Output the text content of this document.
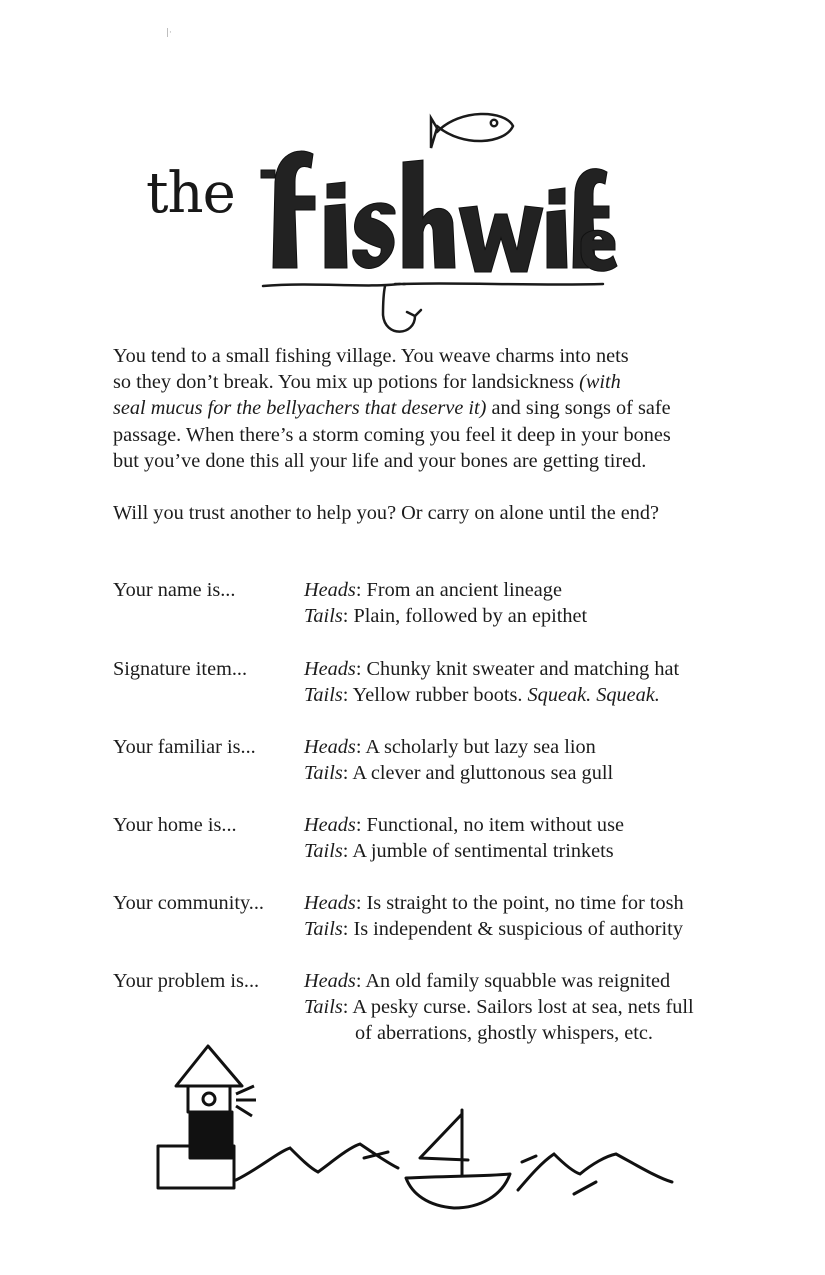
|·
the

You tend to a small fishing village. You weave charms into nets

so they don’t break. You mix up potions for landsickness (with

seal mucus for the bellyachers that deserve it) and sing songs of safe

passage. When there’s a storm coming you feel it deep in your bones

but you’ve done this all your life and your bones are getting tired.

Will you trust another to help you? Or carry on alone until the end?
Your name is...	Heads: From an ancient lineage
Tails: Plain, followed by an epithet
Signature item...	Heads: Chunky knit sweater and matching hat
Tails: Yellow rubber boots. Squeak. Squeak.
Your familiar is...	Heads: A scholarly but lazy sea lion
Tails: A clever and gluttonous sea gull
Your home is...	Heads: Functional, no item without use
Tails: A jumble of sentimental trinkets
Your community...	Heads: Is straight to the point, no time for tosh
Tails: Is independent & suspicious of authority
Your problem is...	Heads: An old family squabble was reignited
Tails: A pesky curse. Sailors lost at sea, nets full
of aberrations, ghostly whispers, etc.
